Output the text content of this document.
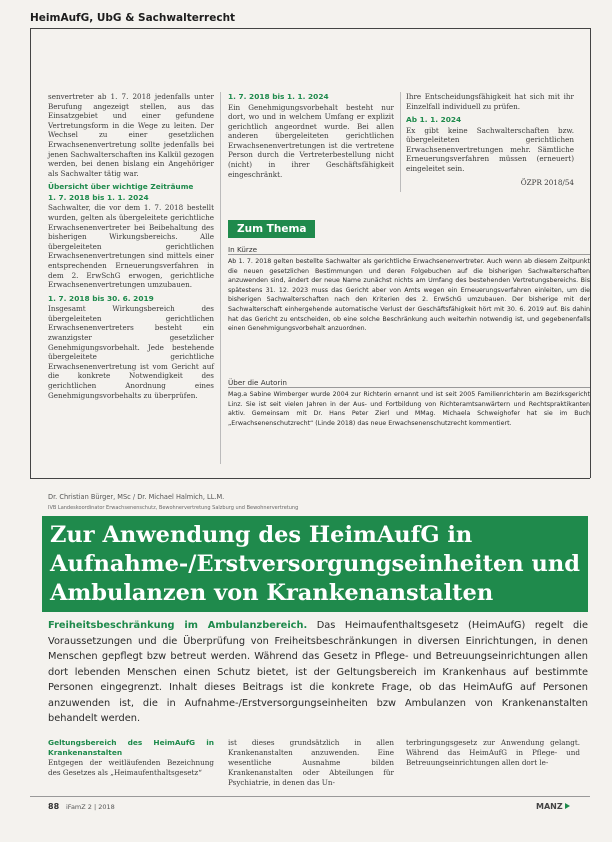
HeimAufG, UbG & Sachwalterrecht

senvertreter ab 1. 7. 2018 jedenfalls unter Berufung angezeigt stellen, aus das Einsatzgebiet und einer gefundene Vertretungsform in die Wege zu leiten. Der Wechsel zu einer gesetzlichen Erwachsenenvertretung sollte jedenfalls bei jenen Sachwalterschaften ins Kalkül gezogen werden, bei denen bislang ein Angehöriger als Sachwalter tätig war.

Übersicht über wichtige Zeiträume
1. 7. 2018 bis 1. 1. 2024

Sachwalter, die vor dem 1. 7. 2018 bestellt wurden, gelten als übergeleitete gerichtliche Erwachsenenvertreter bei Beibehaltung des bisherigen Wirkungsbereichs. Alle übergeleiteten gerichtlichen Erwachsenenvertretungen sind mittels einer entsprechenden Erneuerungsverfahren in dem 2. ErwSchG erwogen, gerichtliche Erwachsenenvertretungen umzubauen.

1. 7. 2018 bis 30. 6. 2019

Insgesamt Wirkungsbereich des übergeleiteten gerichtlichen Erwachsenenvertreters besteht ein zwanzigster gesetzlicher Genehmigungsvorbehalt. Jede bestehende übergeleitete gerichtliche Erwachsenenvertretung ist vom Gericht auf die konkrete Notwendigkeit des gerichtlichen Anordnung eines Genehmigungsvorbehalts zu überprüfen.

1. 7. 2018 bis 1. 1. 2024

Ein Genehmigungsvorbehalt besteht nur dort, wo und in welchem Umfang er explizit gerichtlich angeordnet wurde. Bei allen anderen übergeleiteten gerichtlichen Erwachsenenvertretungen ist die vertretene Person durch die Vertreterbestellung nicht (nicht) in ihrer Geschäftsfähigkeit eingeschränkt.

Ihre Entscheidungsfähigkeit hat sich mit ihr Einzelfall individuell zu prüfen.

Ab 1. 1. 2024

Ex gibt keine Sachwalterschaften bzw. übergeleiteten gerichtlichen Erwachsenenvertretungen mehr. Sämtliche Erneuerungsverfahren müssen (erneuert) eingeleitet sein.

ÖZPR 2018/54
Zum Thema
In Kürze
Ab 1. 7. 2018 gelten bestellte Sachwalter als gerichtliche Erwachsenenvertreter. Auch wenn ab diesem Zeitpunkt die neuen gesetzlichen Bestimmungen und deren Folgebuchen auf die bisherigen Sachwalterschaften anzuwenden sind, ändert der neue Name zunächst nichts am Umfang des bestehenden Vertretungsbereichs. Bis spätestens 31. 12. 2023 muss das Gericht aber von Amts wegen ein Erneuerungsverfahren einleiten, um die bisherigen Sachwalterschaften nach den Kriterien des 2. ErwSchG umzubauen. Der bisherige mit der Sachwalterschaft einhergehende automatische Verlust der Geschäftsfähigkeit hört mit 30. 6. 2019 auf. Bis dahin hat das Gericht zu entscheiden, ob eine solche Beschränkung auch weiterhin notwendig ist, und gegebenenfalls einen Genehmigungsvorbehalt anzuordnen.
Über die Autorin
Mag.a Sabine Wimberger wurde 2004 zur Richterin ernannt und ist seit 2005 Familienrichterin am Bezirksgericht Linz. Sie ist seit vielen Jahren in der Aus- und Fortbildung von Richteramtsanwärtern und Rechtspraktikanten aktiv. Gemeinsam mit Dr. Hans Peter Zierl und MMag. Michaela Schweighofer hat sie im Buch „Erwachsenenschutzrecht“ (Linde 2018) das neue Erwachsenenschutzrecht kommentiert.
Dr. Christian Bürger, MSc / Dr. Michael Halmich, LL.M.
IVB Landeskoordinator Erwachsenenschutz, Bewohnervertretung Salzburg und Bewohnervertretung
Zur Anwendung des HeimAufG in Aufnahme-/Erstversorgungseinheiten und Ambulanzen von Krankenanstalten
Freiheitsbeschränkung im Ambulanzbereich. Das Heimaufenthaltsgesetz (HeimAufG) regelt die Voraussetzungen und die Überprüfung von Freiheitsbeschränkungen in diversen Einrichtungen, in denen Menschen gepflegt bzw betreut werden. Während das Gesetz in Pflege- und Betreuungseinrichtungen allen dort lebenden Menschen einen Schutz bietet, ist der Geltungsbereich im Krankenhaus auf bestimmte Personen eingegrenzt. Inhalt dieses Beitrags ist die konkrete Frage, ob das HeimAufG auf Personen anzuwenden ist, die in Aufnahme-/Erstversorgungseinheiten bzw Ambulanzen von Krankenanstalten behandelt werden.
Geltungsbereich des HeimAufG in Krankenanstalten
Entgegen der weitläufenden Bezeichnung des Gesetzes als „Heimaufenthaltsgesetz“
ist dieses grundsätzlich in allen Krankenanstalten anzuwenden. Eine wesentliche Ausnahme bilden Krankenanstalten oder Abteilungen für Psychiatrie, in denen das Un-
terbringungsgesetz zur Anwendung gelangt. Während das HeimAufG in Pflege- und Betreuungseinrichtungen allen dort le-
88 iFamZ 2 | 2018	MANZ
